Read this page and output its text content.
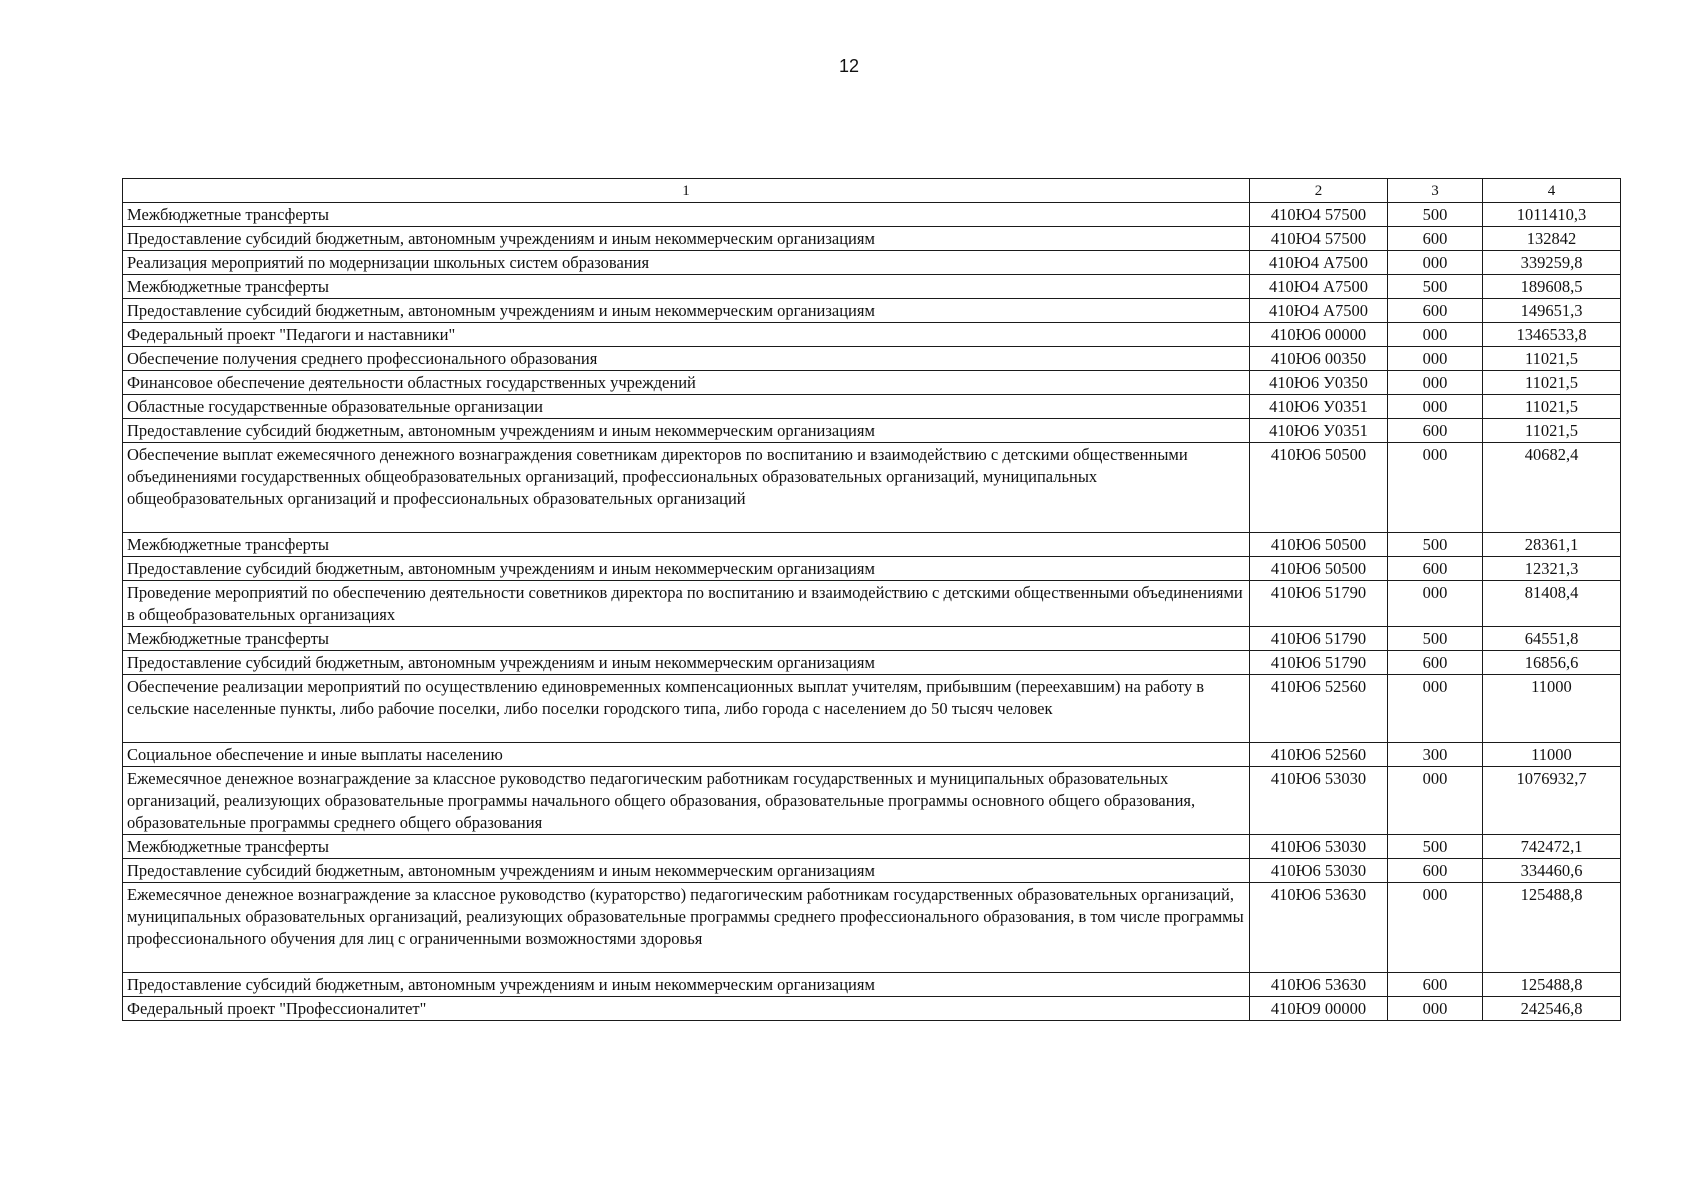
12
1	2	3	4
Межбюджетные трансферты	410Ю4 57500	500	1011410,3
Предоставление субсидий бюджетным, автономным учреждениям и иным некоммерческим организациям	410Ю4 57500	600	132842
Реализация мероприятий по модернизации школьных систем образования	410Ю4 А7500	000	339259,8
Межбюджетные трансферты	410Ю4 А7500	500	189608,5
Предоставление субсидий бюджетным, автономным учреждениям и иным некоммерческим организациям	410Ю4 А7500	600	149651,3
Федеральный проект "Педагоги и наставники"	410Ю6 00000	000	1346533,8
Обеспечение получения среднего профессионального образования	410Ю6 00350	000	11021,5
Финансовое обеспечение деятельности областных государственных учреждений	410Ю6 У0350	000	11021,5
Областные государственные образовательные организации	410Ю6 У0351	000	11021,5
Предоставление субсидий бюджетным, автономным учреждениям и иным некоммерческим организациям	410Ю6 У0351	600	11021,5
Обеспечение выплат ежемесячного денежного вознаграждения советникам директоров по воспитанию и взаимодействию с детскими общественными объединениями государственных общеобразовательных организаций, профессиональных образовательных организаций, муниципальных общеобразовательных организаций и профессиональных образовательных организаций	410Ю6 50500	000	40682,4
Межбюджетные трансферты	410Ю6 50500	500	28361,1
Предоставление субсидий бюджетным, автономным учреждениям и иным некоммерческим организациям	410Ю6 50500	600	12321,3
Проведение мероприятий по обеспечению деятельности советников директора по воспитанию и взаимодействию с детскими общественными объединениями в общеобразовательных организациях	410Ю6 51790	000	81408,4
Межбюджетные трансферты	410Ю6 51790	500	64551,8
Предоставление субсидий бюджетным, автономным учреждениям и иным некоммерческим организациям	410Ю6 51790	600	16856,6
Обеспечение реализации мероприятий по осуществлению единовременных компенсационных выплат учителям, прибывшим (переехавшим) на работу в сельские населенные пункты, либо рабочие поселки, либо поселки городского типа, либо города с населением до 50 тысяч человек	410Ю6 52560	000	11000
Социальное обеспечение и иные выплаты населению	410Ю6 52560	300	11000
Ежемесячное денежное вознаграждение за классное руководство педагогическим работникам государственных и муниципальных образовательных организаций, реализующих образовательные программы начального общего образования, образовательные программы основного общего образования, образовательные программы среднего общего образования	410Ю6 53030	000	1076932,7
Межбюджетные трансферты	410Ю6 53030	500	742472,1
Предоставление субсидий бюджетным, автономным учреждениям и иным некоммерческим организациям	410Ю6 53030	600	334460,6
Ежемесячное денежное вознаграждение за классное руководство (кураторство) педагогическим работникам государственных образовательных организаций, муниципальных образовательных организаций, реализующих образовательные программы среднего профессионального образования, в том числе программы профессионального обучения для лиц с ограниченными возможностями здоровья	410Ю6 53630	000	125488,8
Предоставление субсидий бюджетным, автономным учреждениям и иным некоммерческим организациям	410Ю6 53630	600	125488,8
Федеральный проект "Профессионалитет"	410Ю9 00000	000	242546,8
